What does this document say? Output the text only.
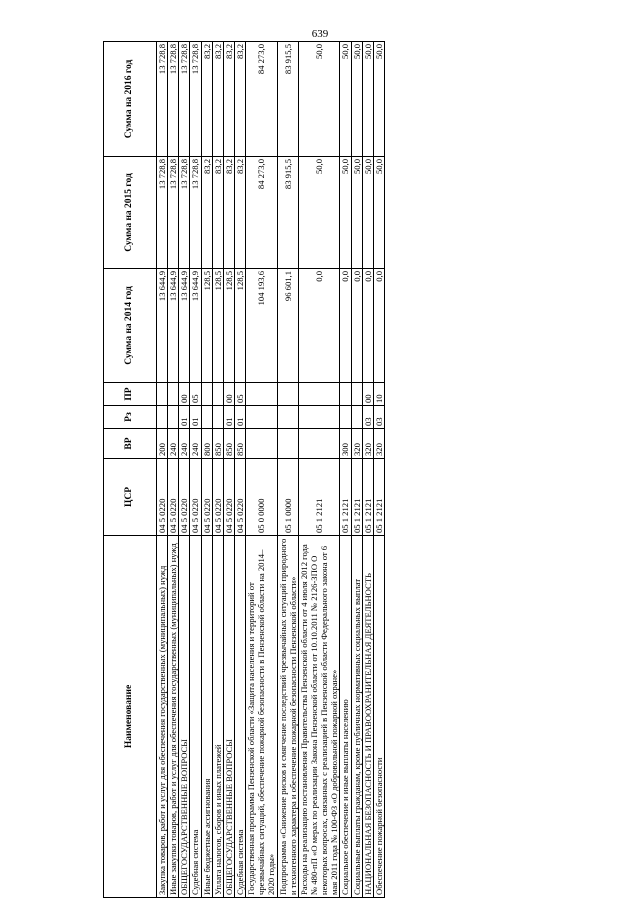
639
Наименование	ЦСР	ВР	Рз	ПР	Сумма на 2014 год	Сумма на 2015 год	Сумма на 2016 год
Закупка товаров, работ и услуг для обеспечения государственных (муниципальных) нужд	04 5 0220	200			13 644,9	13 728,8	13 728,8
Иные закупки товаров, работ и услуг для обеспечения государственных (муниципальных) нужд	04 5 0220	240			13 644,9	13 728,8	13 728,8
ОБЩЕГОСУДАРСТВЕННЫЕ ВОПРОСЫ	04 5 0220	240	01	00	13 644,9	13 728,8	13 728,8
Судебная система	04 5 0220	240	01	05	13 644,9	13 728,8	13 728,8
Иные бюджетные ассигнования	04 5 0220	800			128,5	83,2	83,2
Уплата налогов, сборов и иных платежей	04 5 0220	850			128,5	83,2	83,2
ОБЩЕГОСУДАРСТВЕННЫЕ ВОПРОСЫ	04 5 0220	850	01	00	128,5	83,2	83,2
Судебная система	04 5 0220	850	01	05	128,5	83,2	83,2
Государственная программа Пензенской области «Защита населения и территорий от чрезвычайных ситуаций, обеспечение пожарной безопасности в Пензенской области на 2014–2020 годы»	05 0 0000				104 193,6	84 273,0	84 273,0
Подпрограмма «Снижение рисков и смягчение последствий чрезвычайных ситуаций природного и техногенного характера и обеспечение пожарной безопасности Пензенской области»	05 1 0000				96 601,1	83 915,5	83 915,5
Расходы на реализацию постановления Правительства Пензенской области от 4 июля 2012 года № 480-пП «О мерах по реализации Закона Пензенской области от 10.10.2011 № 2126-ЗПО О некоторых вопросах, связанных с реализацией в Пензенской области Федерального закона от 6 мая 2011 года № 100-ФЗ «О добровольной пожарной охране»	05 1 2121				0,0	50,0	50,0
Социальное обеспечение и иные выплаты населению	05 1 2121	300			0,0	50,0	50,0
Социальные выплаты гражданам, кроме публичных нормативных социальных выплат	05 1 2121	320			0,0	50,0	50,0
НАЦИОНАЛЬНАЯ БЕЗОПАСНОСТЬ И ПРАВООХРАНИТЕЛЬНАЯ ДЕЯТЕЛЬНОСТЬ	05 1 2121	320	03	00	0,0	50,0	50,0
Обеспечение пожарной безопасности	05 1 2121	320	03	10	0,0	50,0	50,0
